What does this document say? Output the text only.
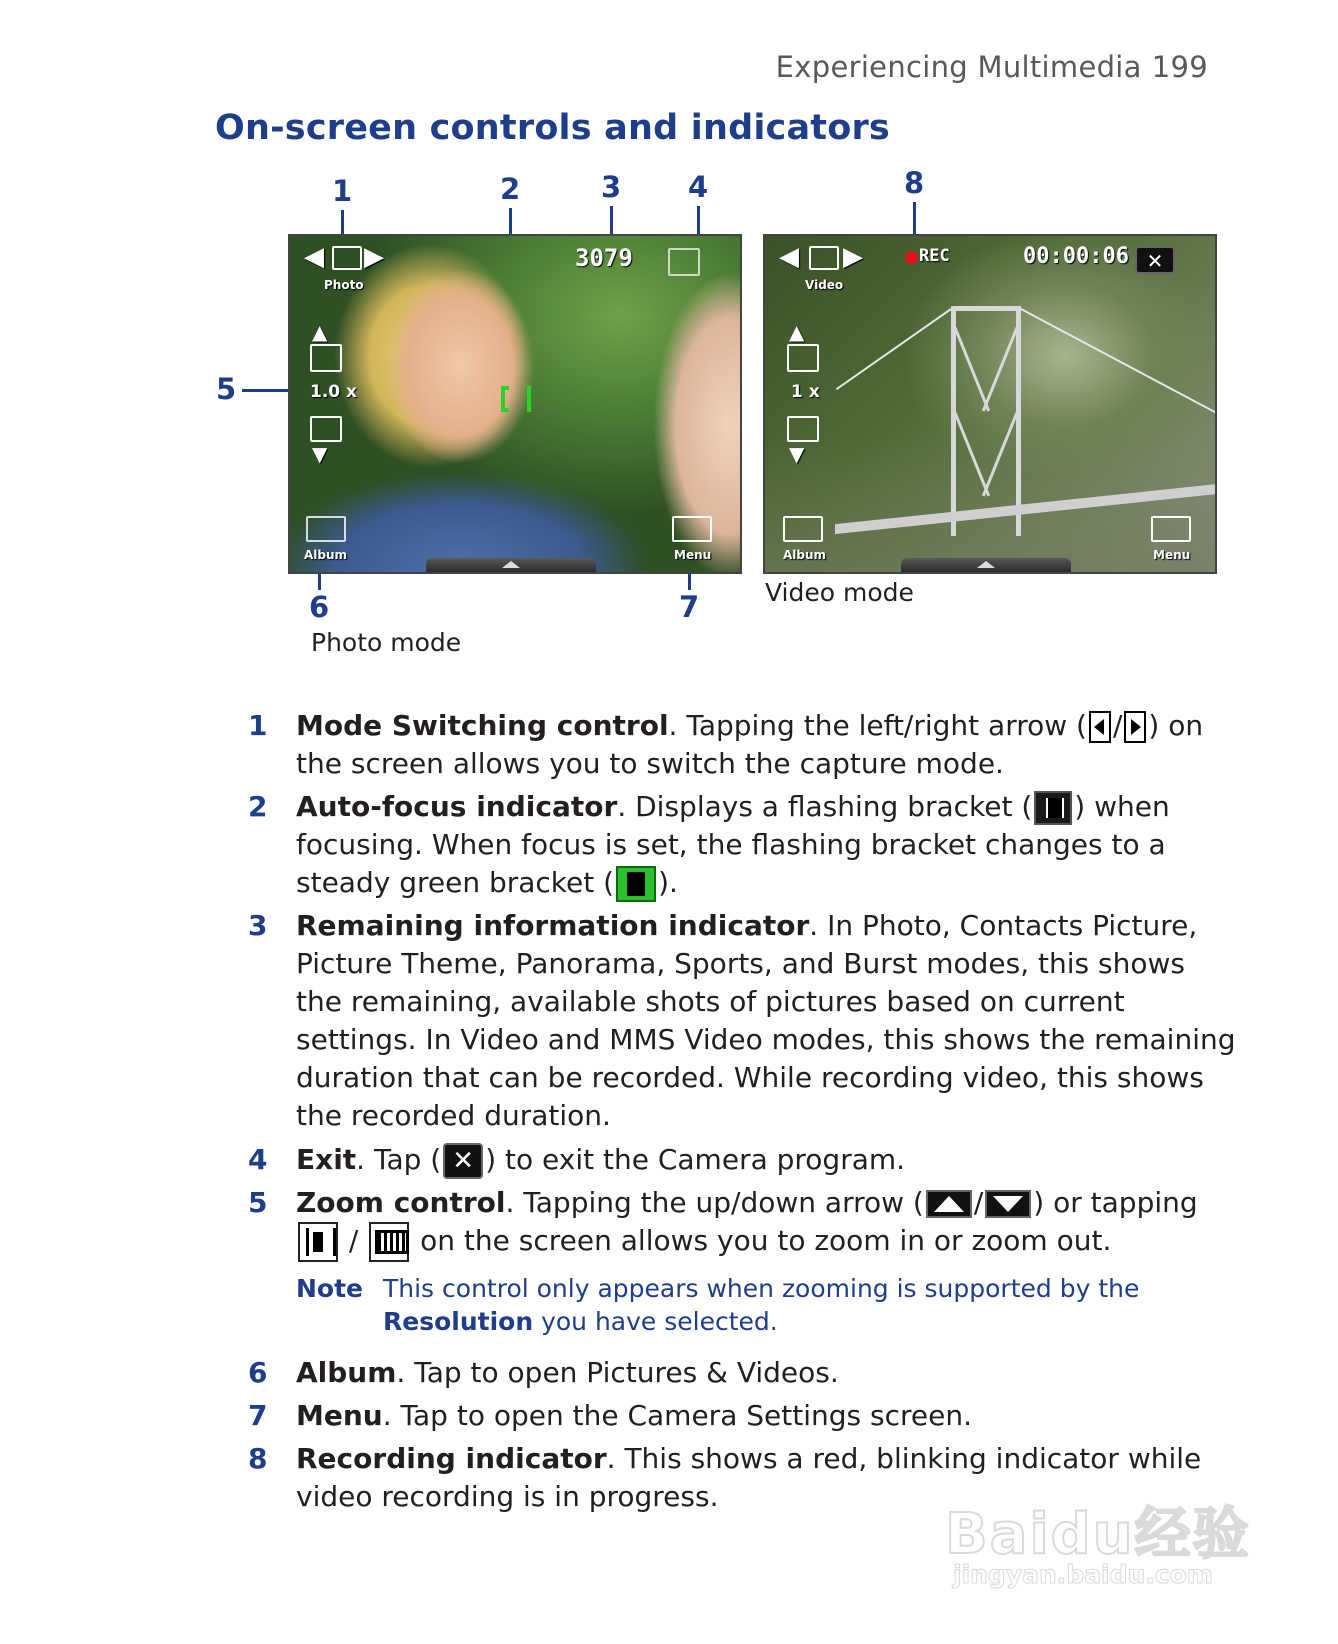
Experiencing Multimedia 199
On-screen controls and indicators
1	2	3 4
5
6	7
8
◀ ▶
Photo
3079
▲
1.0 x
▼
Album	Menu
◀ ▶
Video
REC	00:00:06 ✕
▲
1 x
▼
Album	Menu
Photo mode
Video mode
1 Mode Switching control. Tapping the left/right arrow ( / ) on the screen allows you to switch the capture mode.
2 Auto-focus indicator. Displays a flashing bracket ( ) when focusing. When focus is set, the flashing bracket changes to a steady green bracket ( ).
3 Remaining information indicator. In Photo, Contacts Picture, Picture Theme, Panorama, Sports, and Burst modes, this shows the remaining, available shots of pictures based on current settings. In Video and MMS Video modes, this shows the remaining duration that can be recorded. While recording video, this shows the recorded duration.
4 Exit. Tap ( ✕ ) to exit the Camera program.
5 Zoom control. Tapping the up/down arrow ( / ) or tapping
/ on the screen allows you to zoom in or zoom out.
Note This control only appears when zooming is supported by the Resolution you have selected.
6 Album. Tap to open Pictures & Videos.
7 Menu. Tap to open the Camera Settings screen.
8 Recording indicator. This shows a red, blinking indicator while video recording is in progress.
Baidu经验
jingyan.baidu.com
